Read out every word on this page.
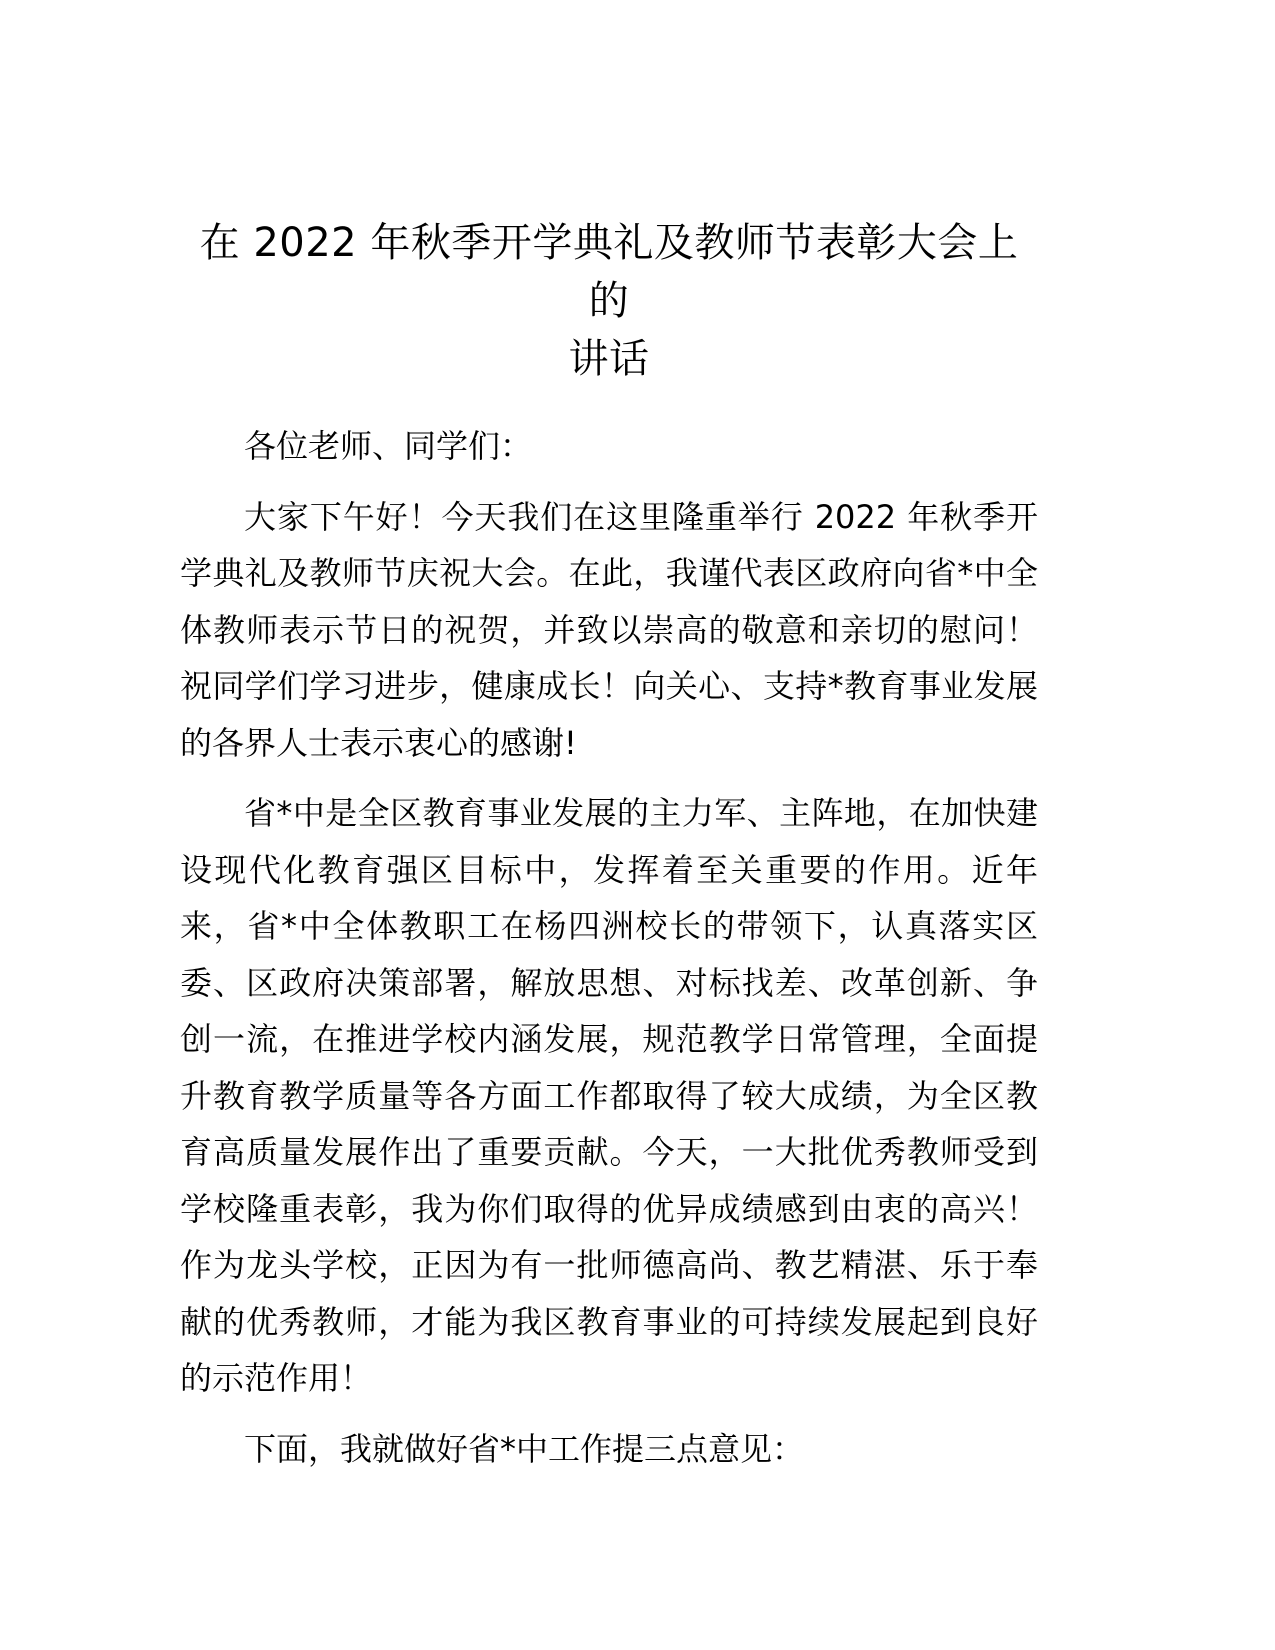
在 2022 年秋季开学典礼及教师节表彰大会上的
讲话

各位老师、同学们：

大家下午好！今天我们在这里隆重举行 2022 年秋季开学典礼及教师节庆祝大会。在此，我谨代表区政府向省*中全体教师表示节日的祝贺，并致以崇高的敬意和亲切的慰问！祝同学们学习进步，健康成长！向关心、支持*教育事业发展的各界人士表示衷心的感谢!

省*中是全区教育事业发展的主力军、主阵地，在加快建设现代化教育强区目标中，发挥着至关重要的作用。近年来，省*中全体教职工在杨四洲校长的带领下，认真落实区委、区政府决策部署，解放思想、对标找差、改革创新、争创一流，在推进学校内涵发展，规范教学日常管理，全面提升教育教学质量等各方面工作都取得了较大成绩，为全区教育高质量发展作出了重要贡献。今天，一大批优秀教师受到学校隆重表彰，我为你们取得的优异成绩感到由衷的高兴！作为龙头学校，正因为有一批师德高尚、教艺精湛、乐于奉献的优秀教师，才能为我区教育事业的可持续发展起到良好的示范作用！

下面，我就做好省*中工作提三点意见：
